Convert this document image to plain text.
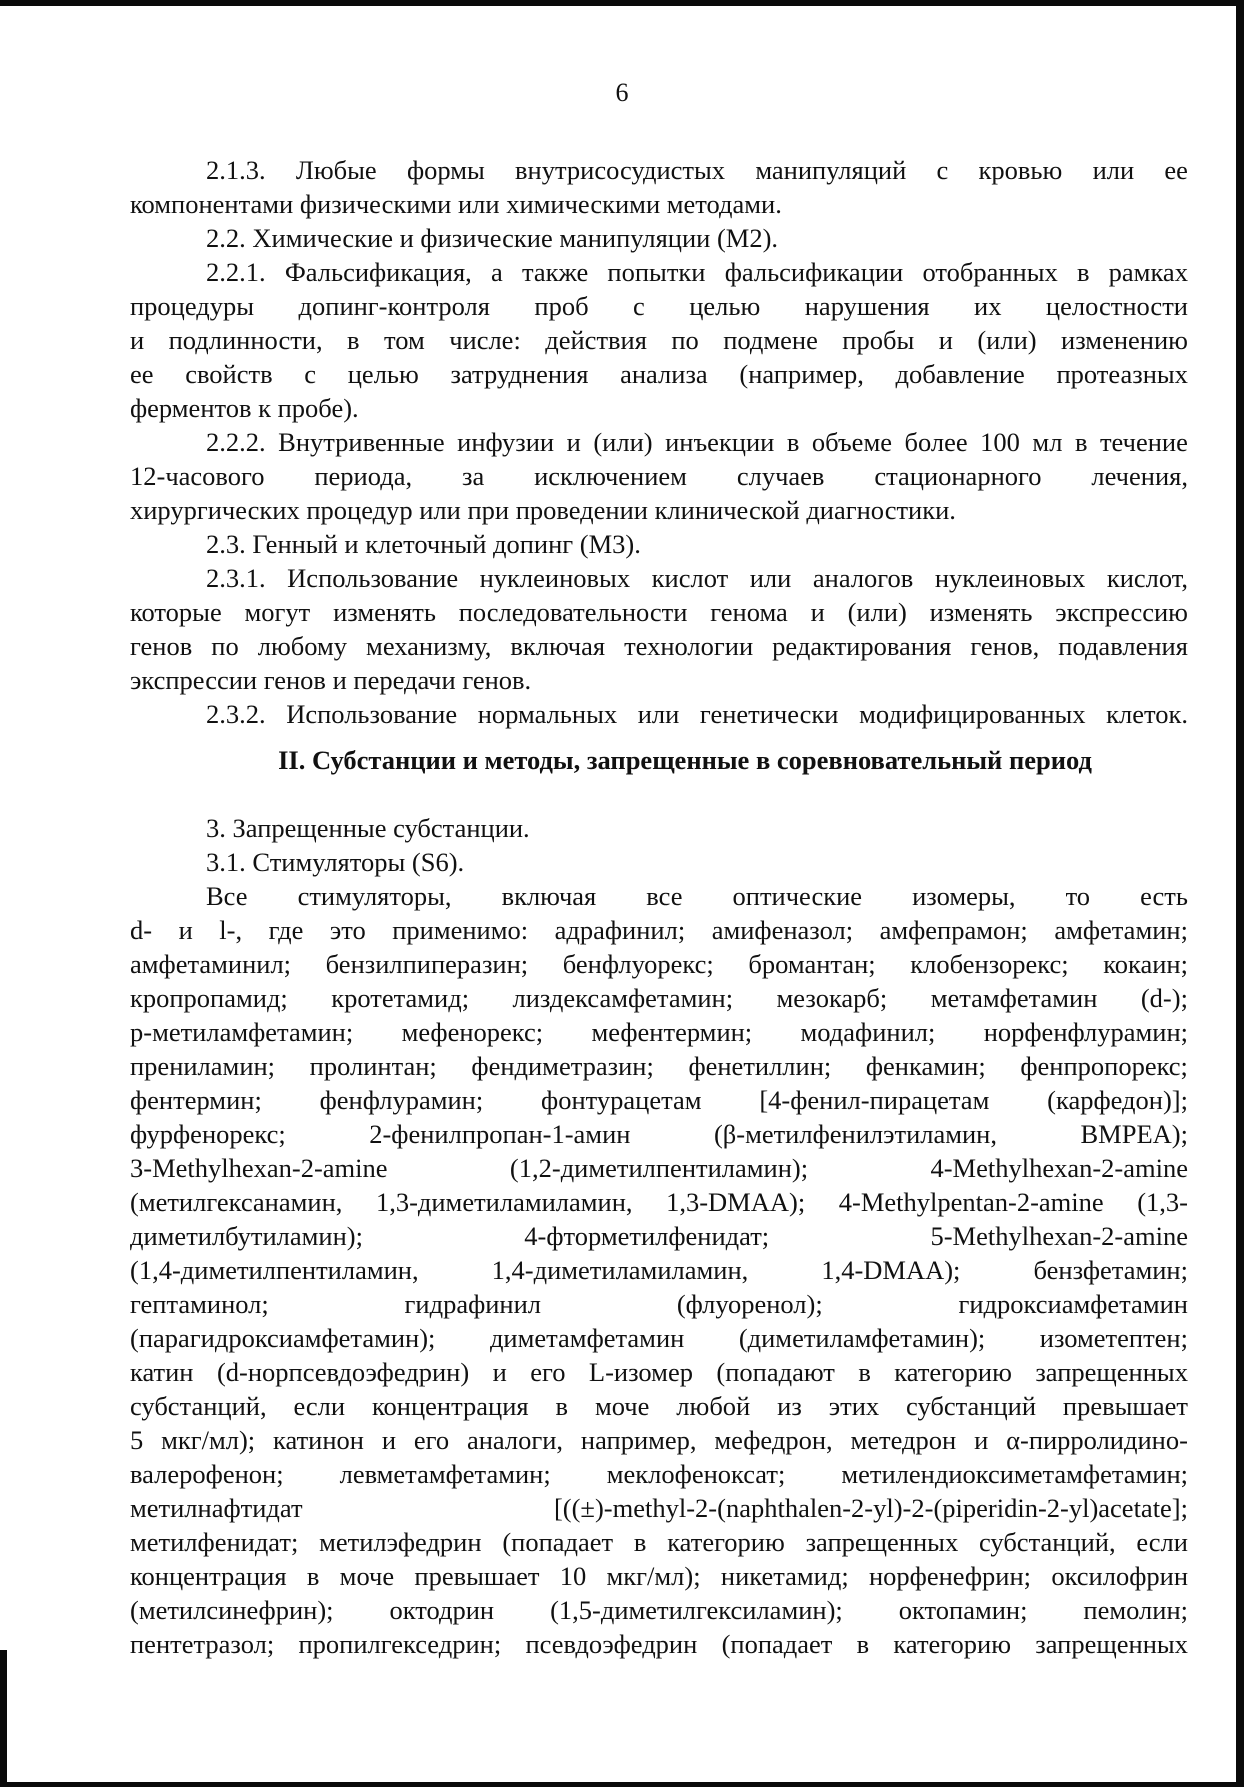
6
2.1.3. Любые формы внутрисосудистых манипуляций с кровью или ее
компонентами физическими или химическими методами.
2.2. Химические и физические манипуляции (М2).
2.2.1. Фальсификация, а также попытки фальсификации отобранных в рамках
процедуры допинг-контроля проб с целью нарушения их целостности
и подлинности, в том числе: действия по подмене пробы и (или) изменению
ее свойств с целью затруднения анализа (например, добавление протеазных
ферментов к пробе).
2.2.2. Внутривенные инфузии и (или) инъекции в объеме более 100 мл в течение
12-часового периода, за исключением случаев стационарного лечения,
хирургических процедур или при проведении клинической диагностики.
2.3. Генный и клеточный допинг (М3).
2.3.1. Использование нуклеиновых кислот или аналогов нуклеиновых кислот,
которые могут изменять последовательности генома и (или) изменять экспрессию
генов по любому механизму, включая технологии редактирования генов, подавления
экспрессии генов и передачи генов.
2.3.2. Использование нормальных или генетически модифицированных клеток.
II. Субстанции и методы, запрещенные в соревновательный период
3. Запрещенные субстанции.
3.1. Стимуляторы (S6).
Все стимуляторы, включая все оптические изомеры, то есть
d- и l-, где это применимо: адрафинил; амифеназол; амфепрамон; амфетамин;
амфетаминил; бензилпиперазин; бенфлуорекс; бромантан; клобензорекс; кокаин;
кропропамид; кротетамид; лиздексамфетамин; мезокарб; метамфетамин (d-);
p-метиламфетамин; мефенорекс; мефентермин; модафинил; норфенфлурамин;
прениламин; пролинтан; фендиметразин; фенетиллин; фенкамин; фенпропорекс;
фентермин; фенфлурамин; фонтурацетам [4-фенил-пирацетам (карфедон)];
фурфенорекс;	2-фенилпропан-1-амин	(β-метилфенилэтиламин,	BMPEA);
3-Methylhexan-2-amine	(1,2-диметилпентиламин);	4-Methylhexan-2-amine
(метилгексанамин, 1,3-диметиламиламин, 1,3-DMAA); 4-Methylpentan-2-amine (1,3-
диметилбутиламин);	4-фторметилфенидат;	5-Methylhexan-2-amine
(1,4-диметилпентиламин,	1,4-диметиламиламин,	1,4-DMAA);	бензфетамин;
гептаминол;	гидрафинил	(флуоренол);	гидроксиамфетамин
(парагидроксиамфетамин); диметамфетамин (диметиламфетамин); изометептен;
катин (d-норпсевдоэфедрин) и его L-изомер (попадают в категорию запрещенных
субстанций, если концентрация в моче любой из этих субстанций превышает
5 мкг/мл); катинон и его аналоги, например, мефедрон, метедрон и α-пирролидино-
валерофенон; левметамфетамин; меклофеноксат; метилендиоксиметамфетамин;
метилнафтидат	[((±)-methyl-2-(naphthalen-2-yl)-2-(piperidin-2-yl)acetate];
метилфенидат; метилэфедрин (попадает в категорию запрещенных субстанций, если
концентрация в моче превышает 10 мкг/мл); никетамид; норфенефрин; оксилофрин
(метилсинефрин); октодрин (1,5-диметилгексиламин); октопамин; пемолин;
пентетразол; пропилгекседрин; псевдоэфедрин (попадает в категорию запрещенных
